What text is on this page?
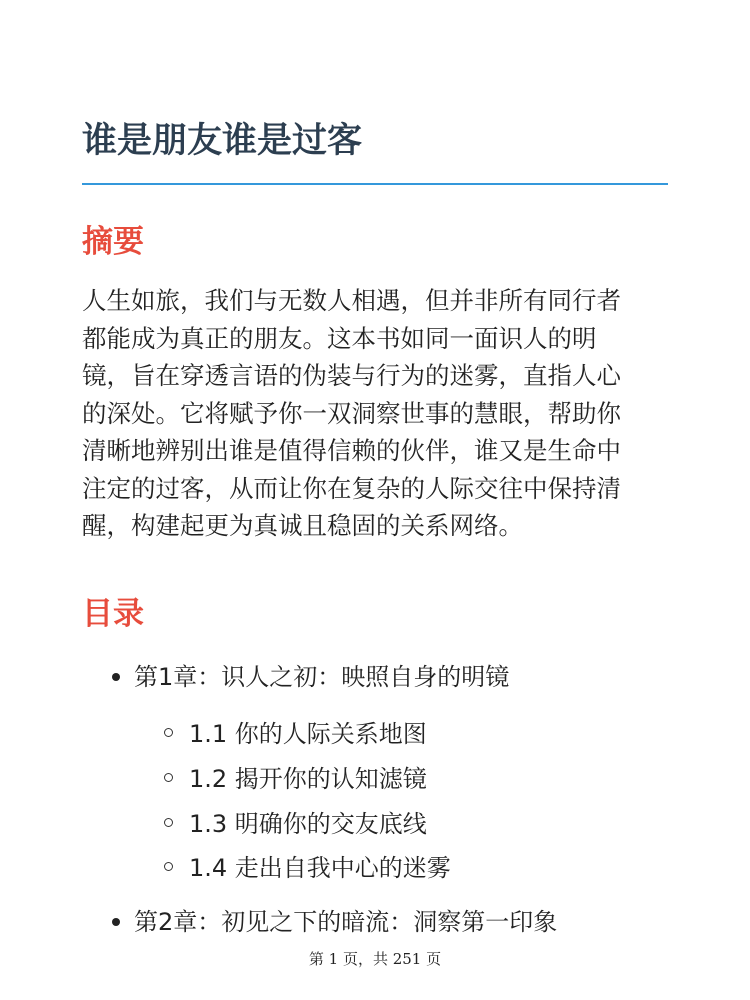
谁是朋友谁是过客
摘要
人生如旅，我们与无数人相遇，但并非所有同行者
都能成为真正的朋友。这本书如同一面识人的明
镜，旨在穿透言语的伪装与行为的迷雾，直指人心
的深处。它将赋予你一双洞察世事的慧眼，帮助你
清晰地辨别出谁是值得信赖的伙伴，谁又是生命中
注定的过客，从而让你在复杂的人际交往中保持清
醒，构建起更为真诚且稳固的关系网络。
目录
第1章：识人之初：映照自身的明镜
1.1 你的人际关系地图
1.2 揭开你的认知滤镜
1.3 明确你的交友底线
1.4 走出自我中心的迷雾
第2章：初见之下的暗流：洞察第一印象
第 1 页，共 251 页
